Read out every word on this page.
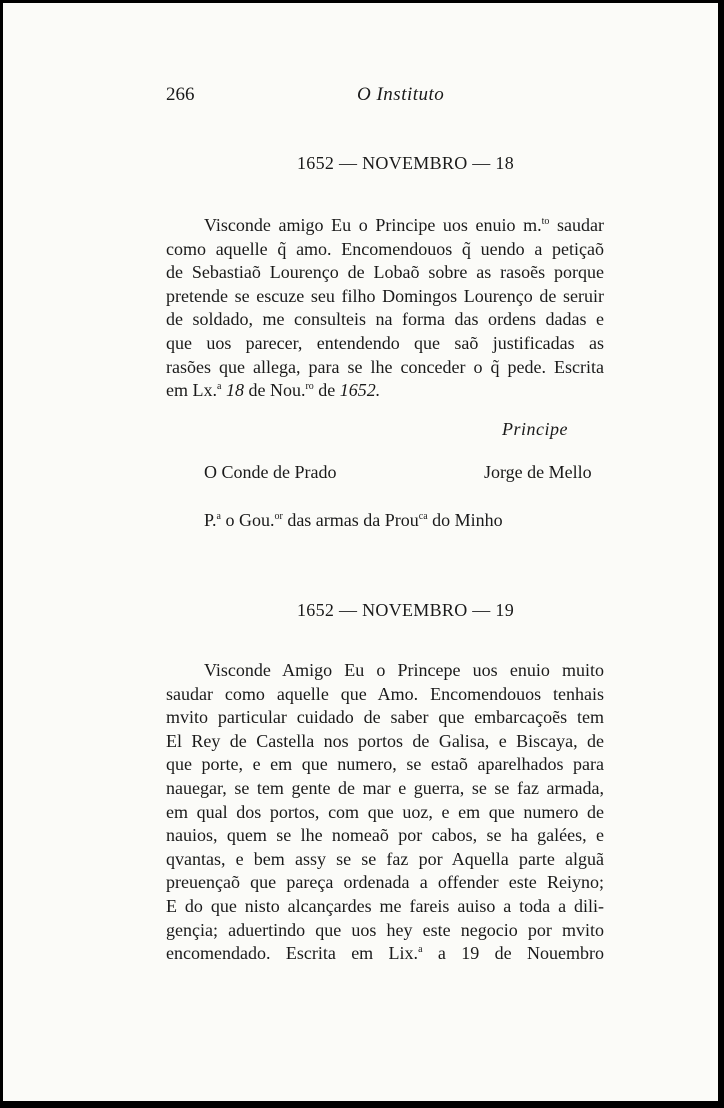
266	O Instituto
1652 — NOVEMBRO — 18
Visconde amigo Eu o Principe uos enuio m.$^{to}$ saudar
como aquelle q̃ amo. Encomendouos q̃ uendo a petiçaõ
de Sebastiaõ Lourenço de Lobaõ sobre as rasoẽs porque
pretende se escuze seu filho Domingos Lourenço de seruir
de soldado, me consulteis na forma das ordens dadas e
que uos parecer, entendendo que saõ justificadas as
rasões que allega, para se lhe conceder o q̃ pede. Escrita
em Lx.$^a$ 18 de Nou.$^{ro}$ de 1652.
Principe
O Conde de Prado	Jorge de Mello
P.$^a$ o Gou.$^{or}$ das armas da Prou$^{ca}$ do Minho
1652 — NOVEMBRO — 19
Visconde Amigo Eu o Princepe uos enuio muito
saudar como aquelle que Amo. Encomendouos tenhais
mvito particular cuidado de saber que embarcaçoẽs tem
El Rey de Castella nos portos de Galisa, e Biscaya, de
que porte, e em que numero, se estaõ aparelhados para
nauegar, se tem gente de mar e guerra, se se faz armada,
em qual dos portos, com que uoz, e em que numero de
nauios, quem se lhe nomeaõ por cabos, se ha galées, e
qvantas, e bem assy se se faz por Aquella parte alguã
preuençaõ que pareça ordenada a offender este Reiyno;
E do que nisto alcançardes me fareis auiso a toda a dili-
gençia; aduertindo que uos hey este negocio por mvito
encomendado. Escrita em Lix.$^a$ a 19 de Nouembro
